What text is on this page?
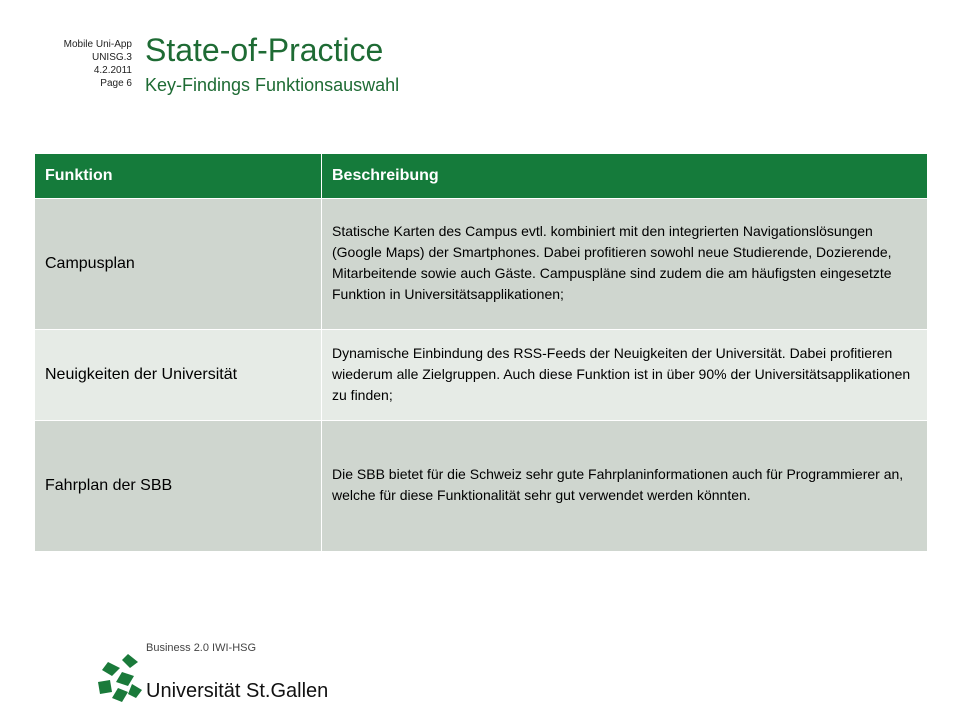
Mobile Uni-App
UNISG.3
4.2.2011
Page 6
State-of-Practice
Key-Findings Funktionsauswahl
Funktion	Beschreibung
Campusplan	Statische Karten des Campus evtl. kombiniert mit den integrierten Navigationslösungen (Google Maps) der Smartphones. Dabei profitieren sowohl neue Studierende, Dozierende, Mitarbeitende sowie auch Gäste. Campuspläne sind zudem die am häufigsten eingesetzte Funktion in Universitätsapplikationen;
Neuigkeiten der Universität	Dynamische Einbindung des RSS-Feeds der Neuigkeiten der Universität. Dabei profitieren wiederum alle Zielgruppen. Auch diese Funktion ist in über 90% der Universitätsapplikationen zu finden;
Fahrplan der SBB	Die SBB bietet für die Schweiz sehr gute Fahrplaninformationen auch für Programmierer an, welche für diese Funktionalität sehr gut verwendet werden könnten.
Business 2.0 IWI-HSG
Universität St.Gallen
